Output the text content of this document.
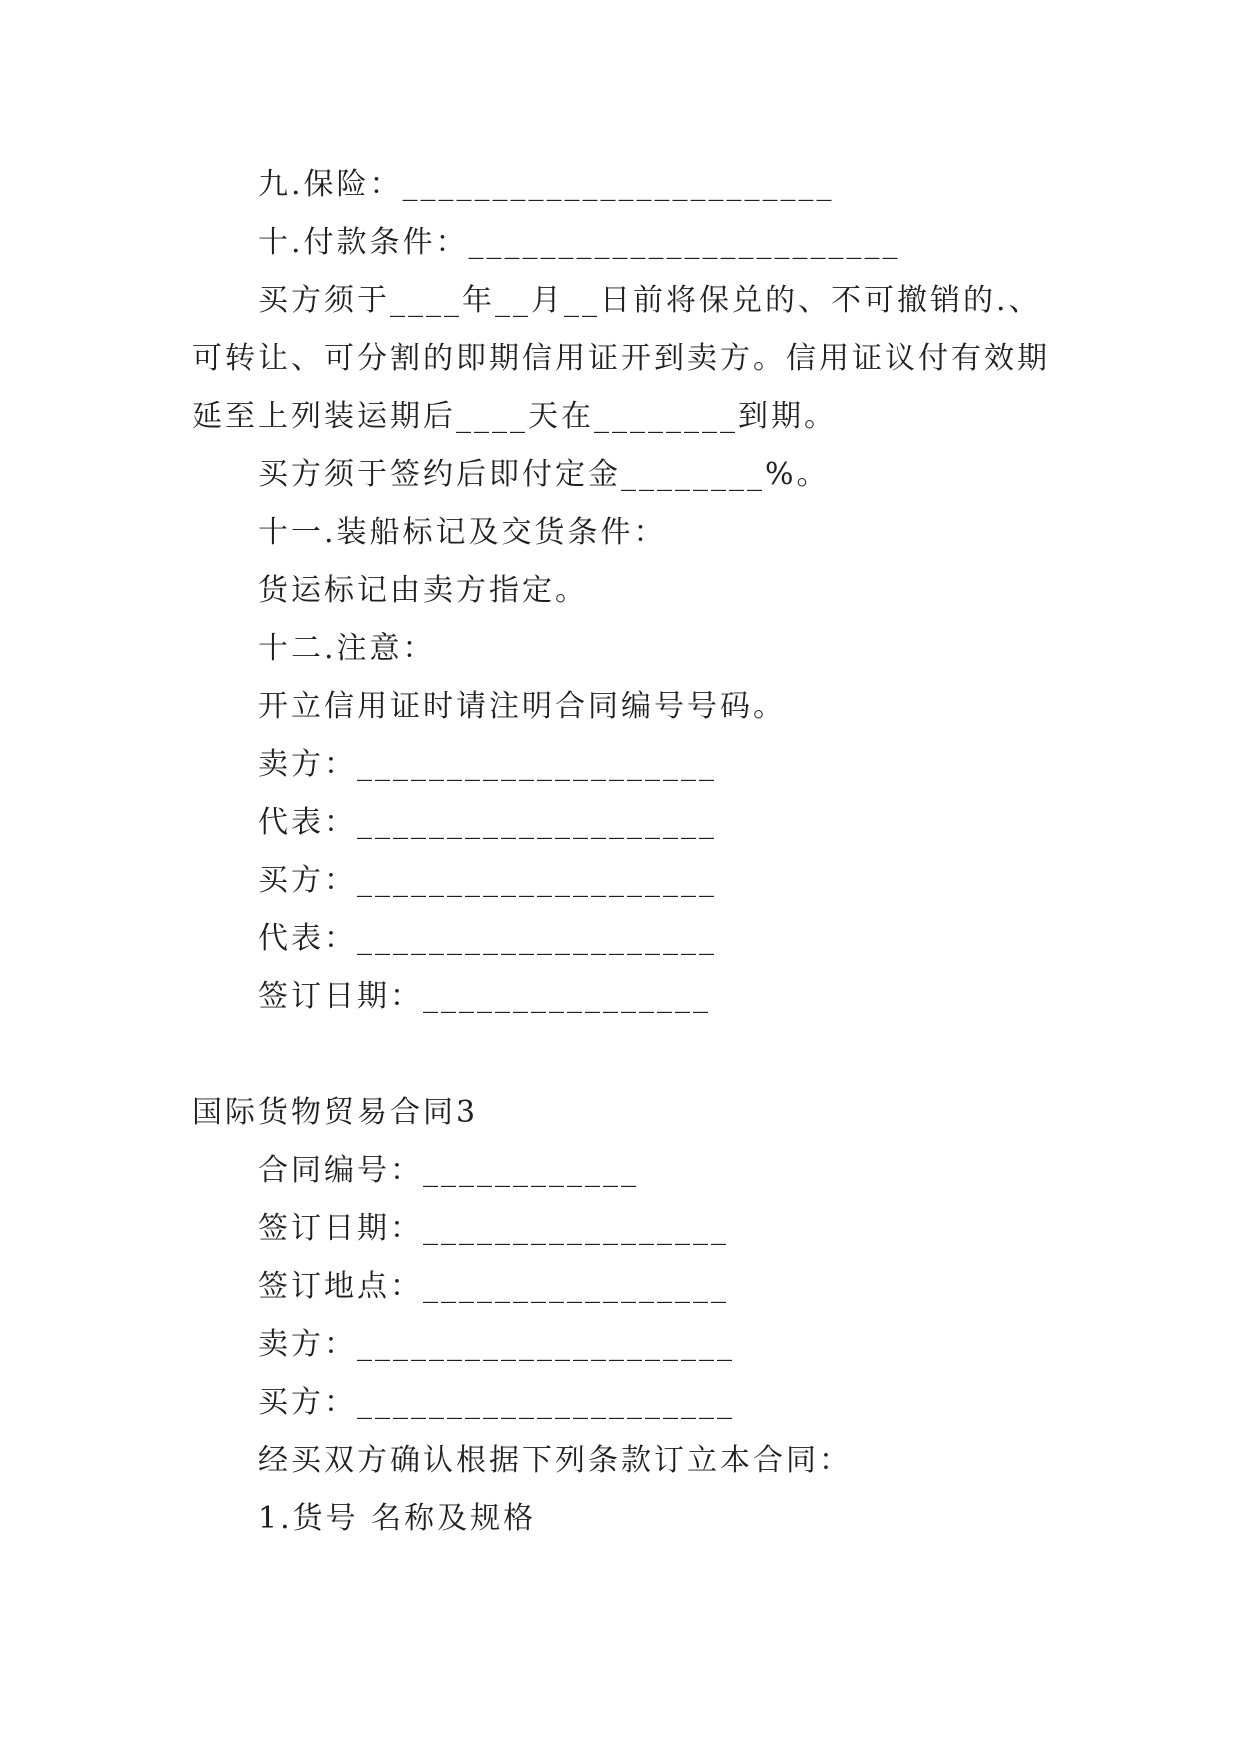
九.保险：________________________
十.付款条件：________________________
买方须于____年__月__日前将保兑的、不可撤销的.、
可转让、可分割的即期信用证开到卖方。信用证议付有效期
延至上列装运期后____天在________到期。
买方须于签约后即付定金________%。
十一.装船标记及交货条件：
货运标记由卖方指定。
十二.注意：
开立信用证时请注明合同编号号码。
卖方：____________________
代表：____________________
买方：____________________
代表：____________________
签订日期：________________
国际货物贸易合同3
合同编号：____________
签订日期：_________________
签订地点：_________________
卖方：_____________________
买方：_____________________
经买双方确认根据下列条款订立本合同：
1.货号 名称及规格
